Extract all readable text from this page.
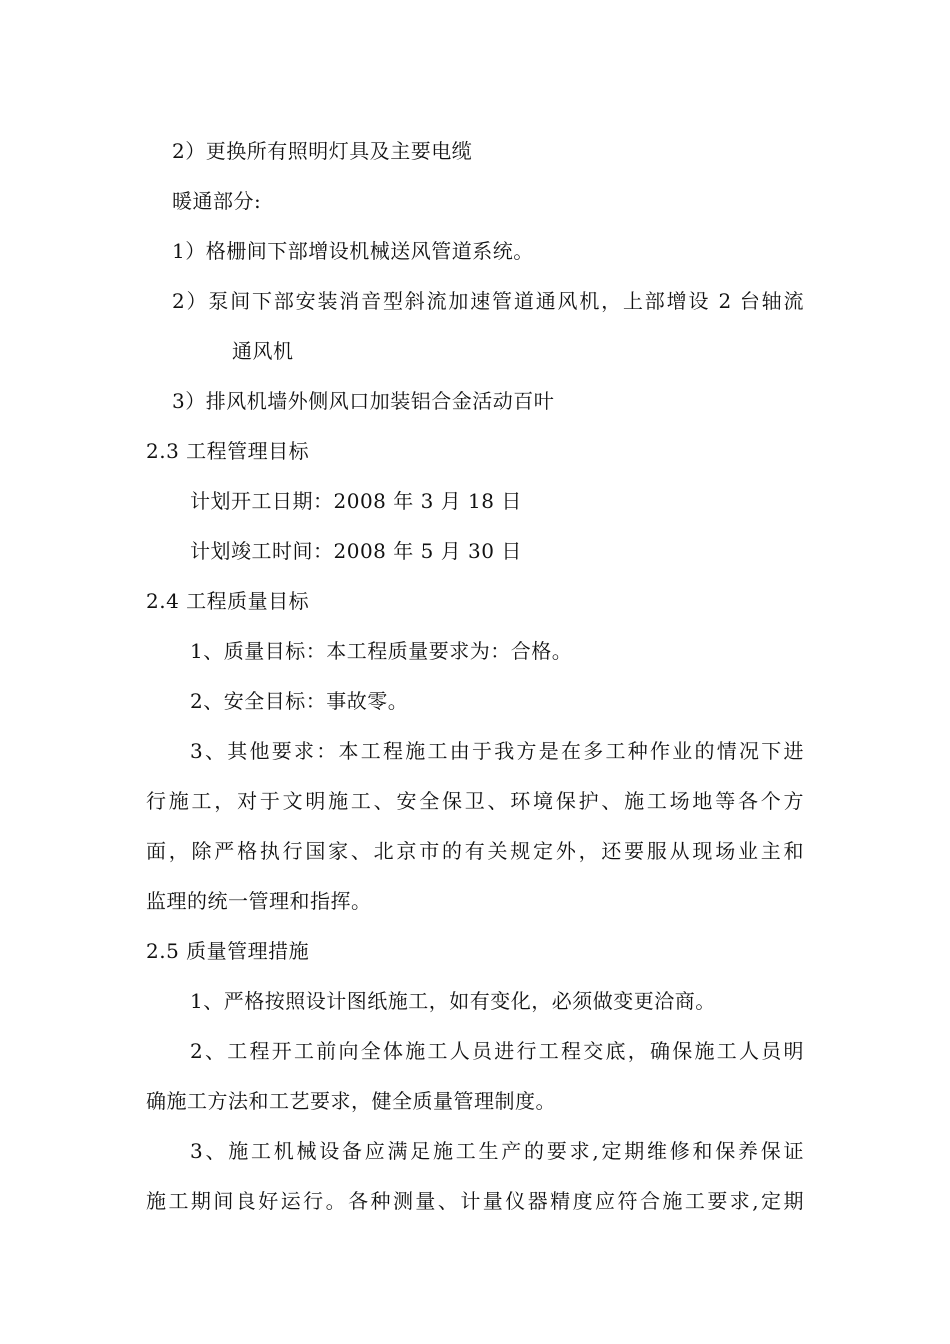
2）更换所有照明灯具及主要电缆
暖通部分:
1）格栅间下部增设机械送风管道系统。
2）泵间下部安装消音型斜流加速管道通风机，上部增设 2 台轴流
通风机
3）排风机墙外侧风口加装铝合金活动百叶
2.3 工程管理目标
计划开工日期：2008 年 3 月 18 日
计划竣工时间：2008 年 5 月 30 日
2.4 工程质量目标
1、质量目标：本工程质量要求为：合格。
2、安全目标：事故零。
3、其他要求：本工程施工由于我方是在多工种作业的情况下进
行施工，对于文明施工、安全保卫、环境保护、施工场地等各个方
面，除严格执行国家、北京市的有关规定外，还要服从现场业主和
监理的统一管理和指挥。
2.5 质量管理措施
1、严格按照设计图纸施工，如有变化，必须做变更洽商。
2、工程开工前向全体施工人员进行工程交底，确保施工人员明
确施工方法和工艺要求，健全质量管理制度。
3、施工机械设备应满足施工生产的要求,定期维修和保养保证
施工期间良好运行。各种测量、计量仪器精度应符合施工要求,定期
